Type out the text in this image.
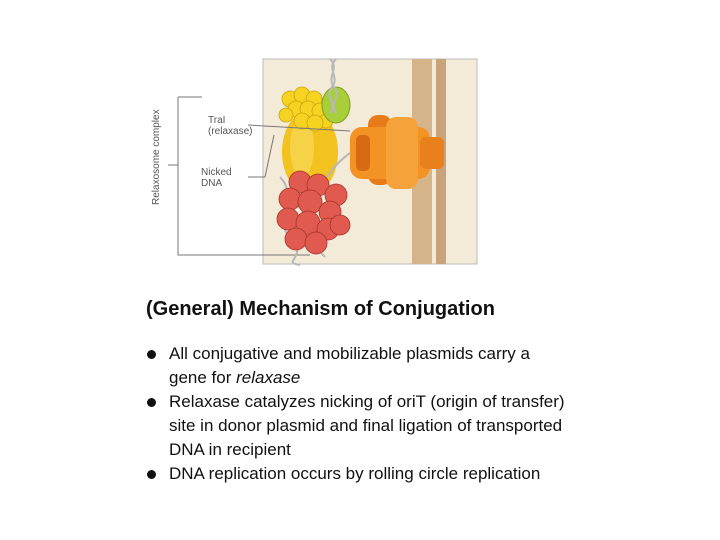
Relaxosome complex	TraI
(relaxase)
Nicked
DNA
(General) Mechanism of Conjugation
All conjugative and mobilizable plasmids carry a gene for relaxase
Relaxase catalyzes nicking of oriT (origin of transfer) site in donor plasmid and final ligation of transported DNA in recipient
DNA replication occurs by rolling circle replication
